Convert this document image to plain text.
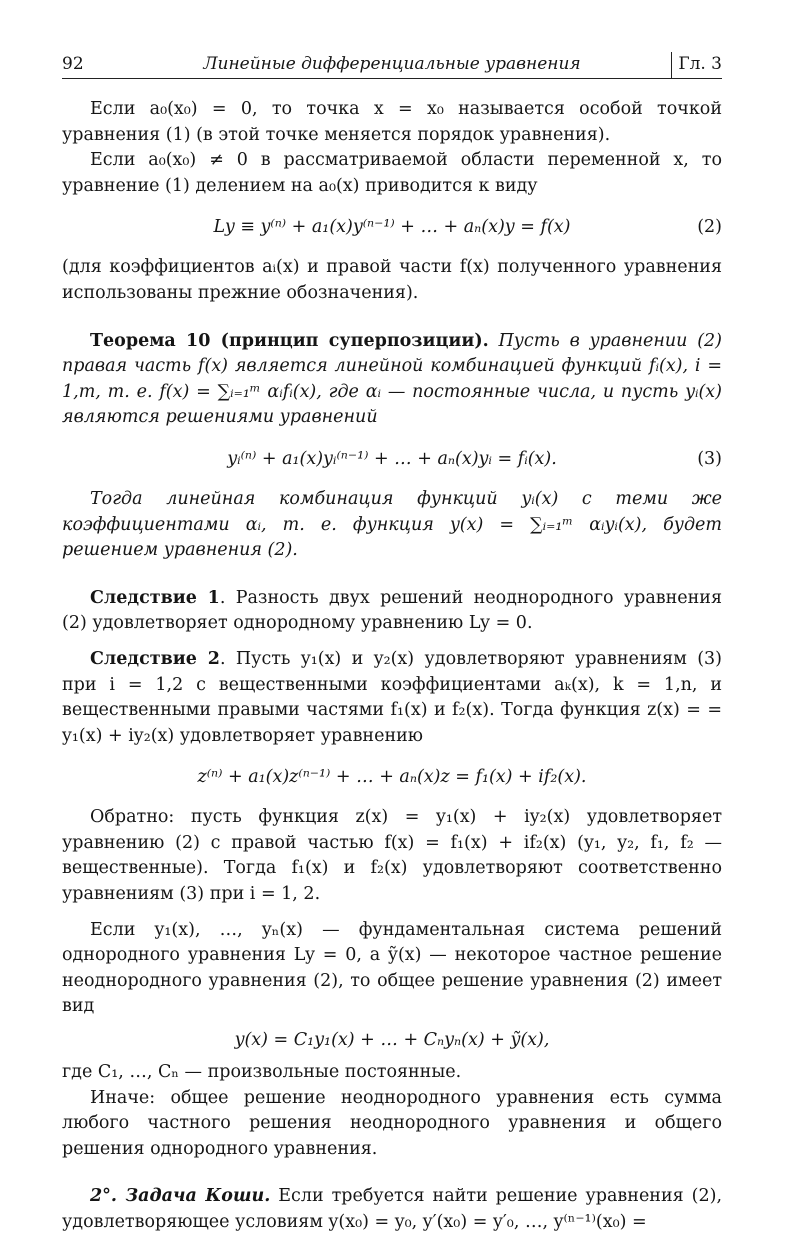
92	Линейные дифференциальные уравнения	Гл. 3

Если a₀(x₀) = 0, то точка x = x₀ называется особой точкой уравнения (1) (в этой точке меняется порядок уравнения).

Если a₀(x₀) ≠ 0 в рассматриваемой области переменной x, то уравнение (1) делением на a₀(x) приводится к виду

Ly ≡ y⁽ⁿ⁾ + a₁(x)y⁽ⁿ⁻¹⁾ + … + aₙ(x)y = f(x)	(2)

(для коэффициентов aᵢ(x) и правой части f(x) полученного уравнения использованы прежние обозначения).

Теорема 10 (принцип суперпозиции). Пусть в уравнении (2) правая часть f(x) является линейной комбинацией функций fᵢ(x), i = 1,m, т. е. f(x) = ∑ᵢ₌₁ᵐ αᵢfᵢ(x), где αᵢ — постоянные числа, и пусть yᵢ(x) являются решениями уравнений

yᵢ⁽ⁿ⁾ + a₁(x)yᵢ⁽ⁿ⁻¹⁾ + … + aₙ(x)yᵢ = fᵢ(x).	(3)

Тогда линейная комбинация функций yᵢ(x) с теми же коэффициентами αᵢ, т. е. функция y(x) = ∑ᵢ₌₁ᵐ αᵢyᵢ(x), будет решением уравнения (2).

Следствие 1. Разность двух решений неоднородного уравнения (2) удовлетворяет однородному уравнению Ly = 0.

Следствие 2. Пусть y₁(x) и y₂(x) удовлетворяют уравнениям (3) при i = 1,2 с вещественными коэффициентами aₖ(x), k = 1,n, и вещественными правыми частями f₁(x) и f₂(x). Тогда функция z(x) = = y₁(x) + iy₂(x) удовлетворяет уравнению

z⁽ⁿ⁾ + a₁(x)z⁽ⁿ⁻¹⁾ + … + aₙ(x)z = f₁(x) + if₂(x).

Обратно: пусть функция z(x) = y₁(x) + iy₂(x) удовлетворяет уравнению (2) с правой частью f(x) = f₁(x) + if₂(x) (y₁, y₂, f₁, f₂ — вещественные). Тогда f₁(x) и f₂(x) удовлетворяют соответственно уравнениям (3) при i = 1, 2.

Если y₁(x), …, yₙ(x) — фундаментальная система решений однородного уравнения Ly = 0, а ỹ(x) — некоторое частное решение неоднородного уравнения (2), то общее решение уравнения (2) имеет вид

y(x) = C₁y₁(x) + … + Cₙyₙ(x) + ỹ(x),

где C₁, …, Cₙ — произвольные постоянные.

Иначе: общее решение неоднородного уравнения есть сумма любого частного решения неоднородного уравнения и общего решения однородного уравнения.

2°. Задача Коши. Если требуется найти решение уравнения (2), удовлетворяющее условиям y(x₀) = y₀, y′(x₀) = y′₀, …, y⁽ⁿ⁻¹⁾(x₀) =
